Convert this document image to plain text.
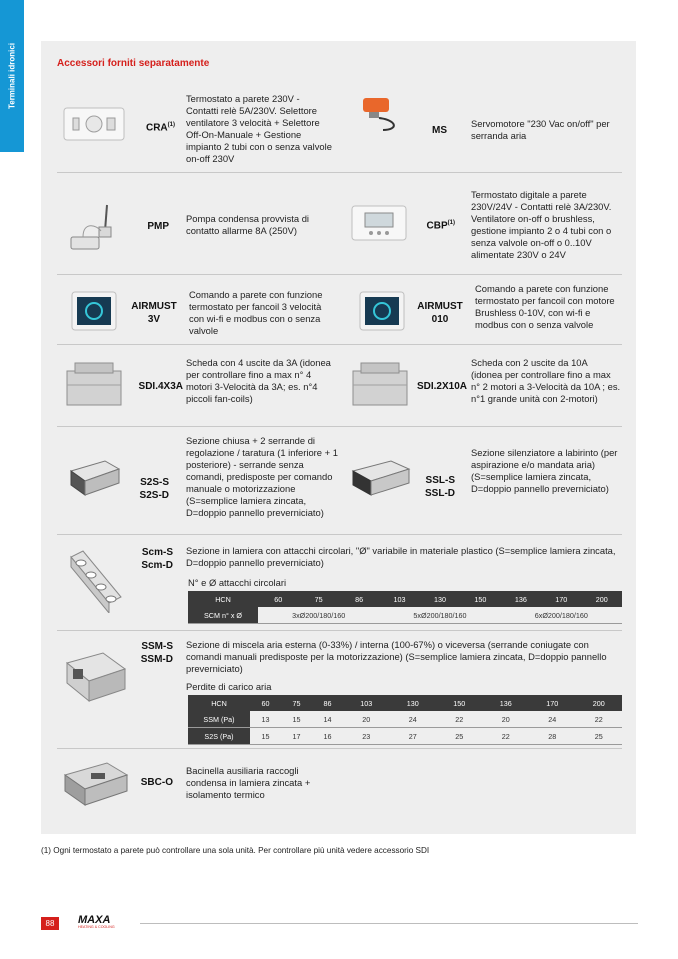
Terminali idronici	Accessori forniti separatamente
CRA$^{(1)}$
Termostato a parete 230V - Contatti relè 5A/230V. Selettore ventilatore 3 velocità + Selettore Off-On-Manuale + Gestione impianto 2 tubi con o senza valvole on-off 230V
MS
Servomotore "230 Vac on/off" per serranda aria
PMP
Pompa condensa provvista di contatto allarme 8A (250V)	CBP$^{(1)}$
Termostato digitale a parete 230V/24V - Contatti relè 3A/230V. Ventilatore on-off o brushless, gestione impianto 2 o 4 tubi con o senza valvole on-off o 0..10V alimentate 230V o 24V
AIRMUST 3V
Comando a parete con funzione termostato per fancoil 3 velocità con wi-fi e modbus con o senza valvole
AIRMUST 010
Comando a parete con funzione termostato per fancoil con motore Brushless 0-10V, con wi-fi e modbus con o senza valvole
SDI.4X3A
Scheda con 4 uscite da 3A (idonea per controllare fino a max n° 4 motori 3-Velocità da 3A; es. n°4 piccoli fan-coils)
SDI.2X10A
Scheda con 2 uscite da 10A (idonea per controllare fino a max n° 2 motori a 3-Velocità da 10A ; es. n°1 grande unità con 2-motori)
S2S-S
S2S-D
Sezione chiusa + 2 serrande di regolazione / taratura (1 inferiore + 1 posteriore) - serrande senza comandi, predisposte per comando manuale o motorizzazione (S=semplice lamiera zincata, D=doppio pannello preverniciato)
SSL-S
SSL-D
Sezione silenziatore a labirinto (per aspirazione e/o mandata aria) (S=semplice lamiera zincata, D=doppio pannello preverniciato)
Scm-S
Scm-D
Sezione in lamiera con attacchi circolari, "Ø" variabile in materiale plastico (S=semplice lamiera zincata, D=doppio pannello preverniciato)
N° e Ø attacchi circolari
HCN	60	75	86	103	130	150	136	170	200
SCM n° x Ø	3xØ200/180/160			5xØ200/180/160			6xØ200/180/160		
SSM-S
SSM-D
Sezione di miscela aria esterna (0-33%) / interna (100-67%) o viceversa (serrande coniugate con comandi manuali predisposte per la motorizzazione) (S=semplice lamiera zincata, D=doppio pannello preverniciato)
Perdite di carico aria
HCN	60	75	86	103	130	150	136	170	200
SSM (Pa)	13	15	14	20	24	22	20	24	22
S2S (Pa)	15	17	16	23	27	25	22	28	25
SBC-O
Bacinella ausiliaria raccogli condensa in lamiera zincata + isolamento termico
(1) Ogni termostato a parete può controllare una sola unità. Per controllare più unità vedere accessorio SDI
88	MAXA
HEATING & COOLING
